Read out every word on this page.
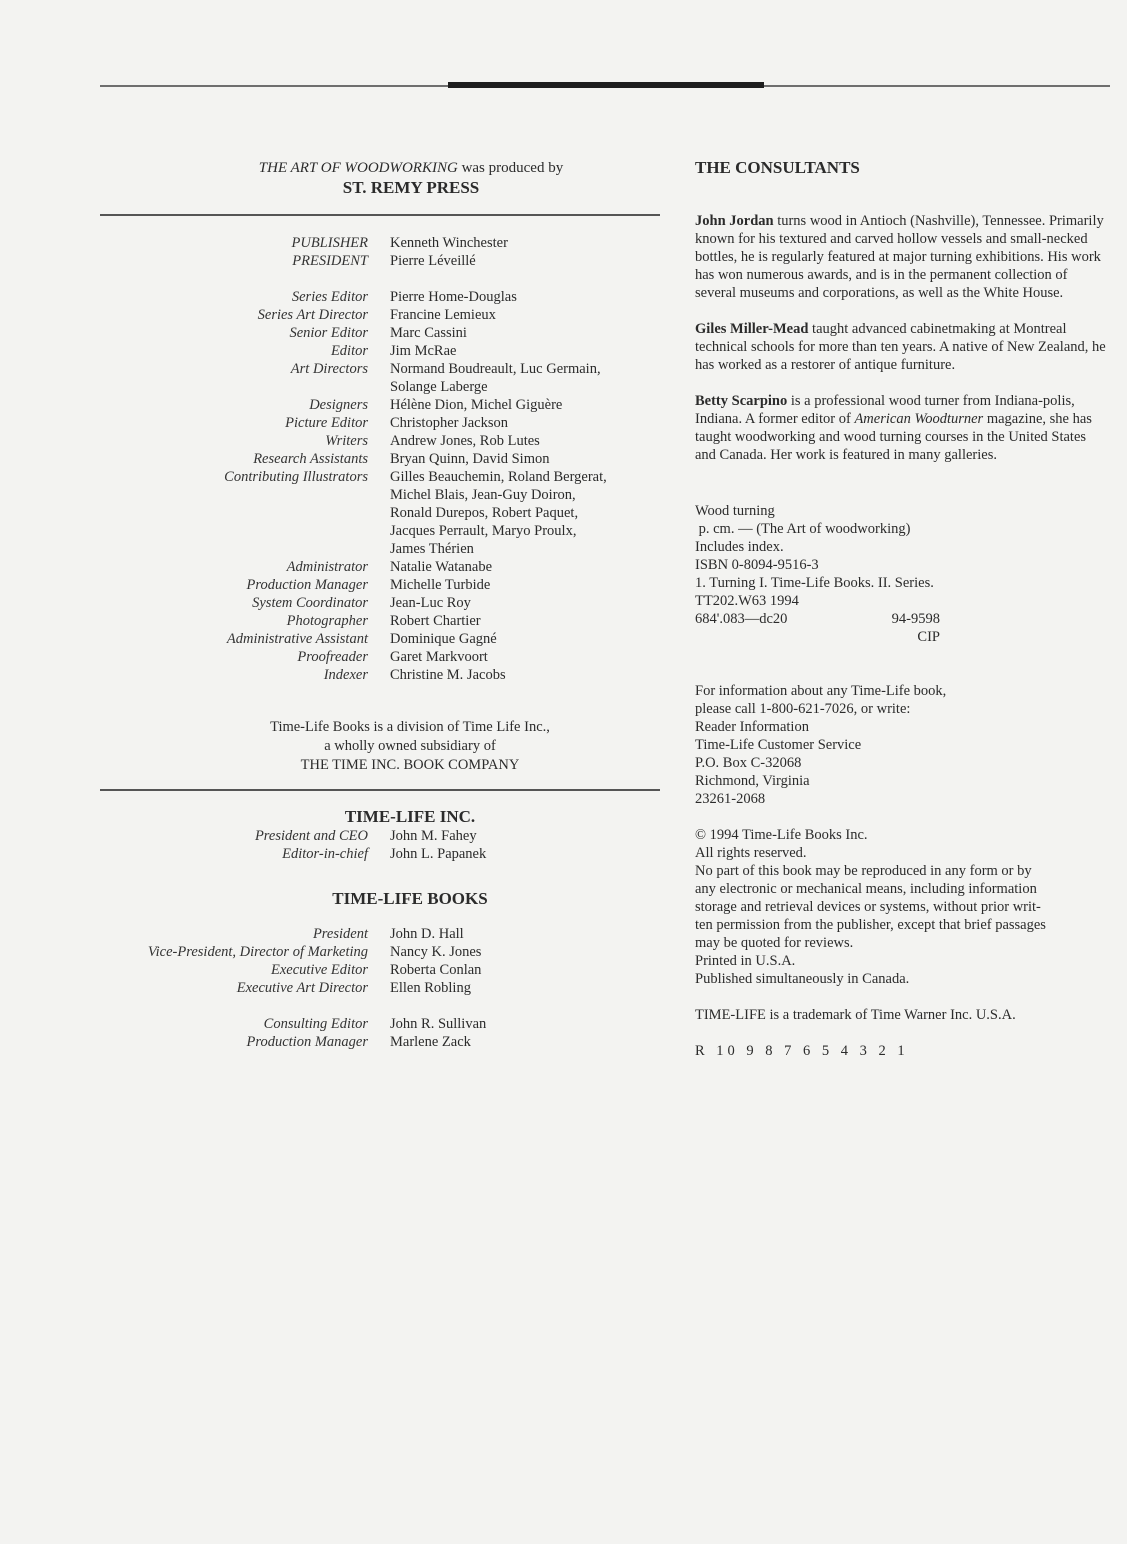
THE ART OF WOODWORKING was produced by
ST. REMY PRESS
PUBLISHER	Kenneth Winchester
PRESIDENT	Pierre Léveillé
Series Editor	Pierre Home-Douglas
Series Art Director	Francine Lemieux
Senior Editor	Marc Cassini
Editor	Jim McRae
Art Directors	Normand Boudreault, Luc Germain,
Solange Laberge
Designers	Hélène Dion, Michel Giguère
Picture Editor	Christopher Jackson
Writers	Andrew Jones, Rob Lutes
Research Assistants	Bryan Quinn, David Simon
Contributing Illustrators	Gilles Beauchemin, Roland Bergerat,
Michel Blais, Jean-Guy Doiron,
Ronald Durepos, Robert Paquet,
Jacques Perrault, Maryo Proulx,
James Thérien
Administrator	Natalie Watanabe
Production Manager	Michelle Turbide
System Coordinator	Jean-Luc Roy
Photographer	Robert Chartier
Administrative Assistant	Dominique Gagné
Proofreader	Garet Markvoort
Indexer	Christine M. Jacobs
Time-Life Books is a division of Time Life Inc.,
a wholly owned subsidiary of
THE TIME INC. BOOK COMPANY
TIME-LIFE INC.
President and CEO	John M. Fahey
Editor-in-chief	John L. Papanek
TIME-LIFE BOOKS
President	John D. Hall
Vice-President, Director of Marketing	Nancy K. Jones
Executive Editor	Roberta Conlan
Executive Art Director	Ellen Robling
Consulting Editor	John R. Sullivan
Production Manager	Marlene Zack
THE CONSULTANTS

John Jordan turns wood in Antioch (Nashville), Tennessee. Primarily known for his textured and carved hollow vessels and small-necked bottles, he is regularly featured at major turning exhibitions. His work has won numerous awards, and is in the permanent collection of several museums and corporations, as well as the White House.

Giles Miller-Mead taught advanced cabinetmaking at Montreal technical schools for more than ten years. A native of New Zealand, he has worked as a restorer of antique furniture.

Betty Scarpino is a professional wood turner from Indiana-polis, Indiana. A former editor of American Woodturner magazine, she has taught woodworking and wood turning courses in the United States and Canada. Her work is featured in many galleries.

Wood turning
p. cm. — (The Art of woodworking)
Includes index.
ISBN 0-8094-9516-3
1. Turning I. Time-Life Books. II. Series.
TT202.W63 1994
684'.083—dc20	94-9598
CIP
For information about any Time-Life book,
please call 1-800-621-7026, or write:
Reader Information
Time-Life Customer Service
P.O. Box C-32068
Richmond, Virginia
23261-2068
© 1994 Time-Life Books Inc.
All rights reserved.
No part of this book may be reproduced in any form or by
any electronic or mechanical means, including information
storage and retrieval devices or systems, without prior writ-
ten permission from the publisher, except that brief passages
may be quoted for reviews.
Printed in U.S.A.
Published simultaneously in Canada.
TIME-LIFE is a trademark of Time Warner Inc. U.S.A.
R 10 9 8 7 6 5 4 3 2 1
